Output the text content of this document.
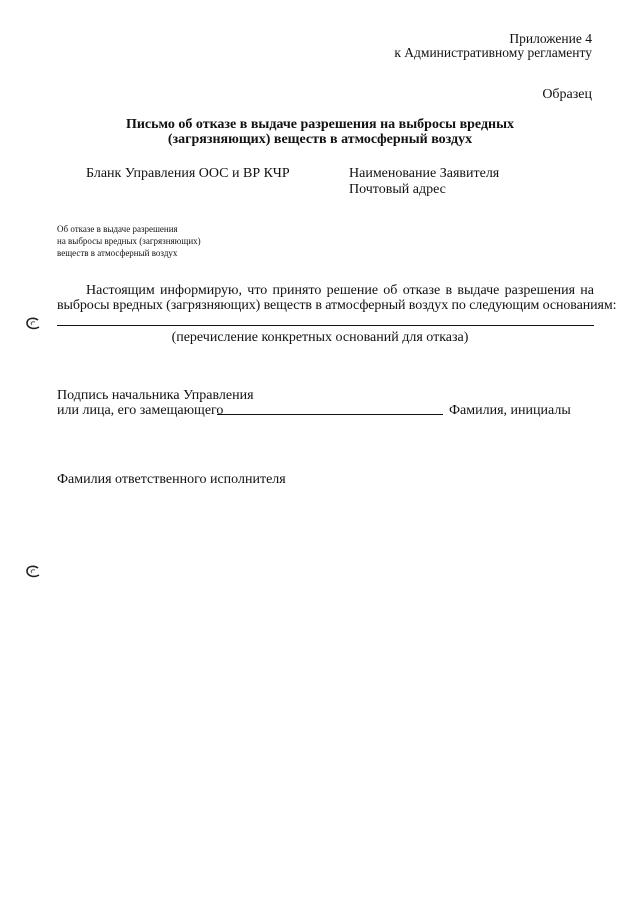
Приложение 4
к Административному регламенту
Образец
Письмо об отказе в выдаче разрешения на выбросы вредных
(загрязняющих) веществ в атмосферный воздух
Бланк Управления ООС и ВР КЧР	Наименование Заявителя
Почтовый адрес
Об отказе в выдаче разрешения
на выбросы вредных (загрязняющих)
веществ в атмосферный воздух
Настоящим информирую, что принято решение об отказе в выдаче разрешения на
выбросы вредных (загрязняющих) веществ в атмосферный воздух по следующим основаниям:
(перечисление конкретных оснований для отказа)
Подпись начальника Управления
или лица, его замещающего	Фамилия, инициалы
Фамилия ответственного исполнителя
